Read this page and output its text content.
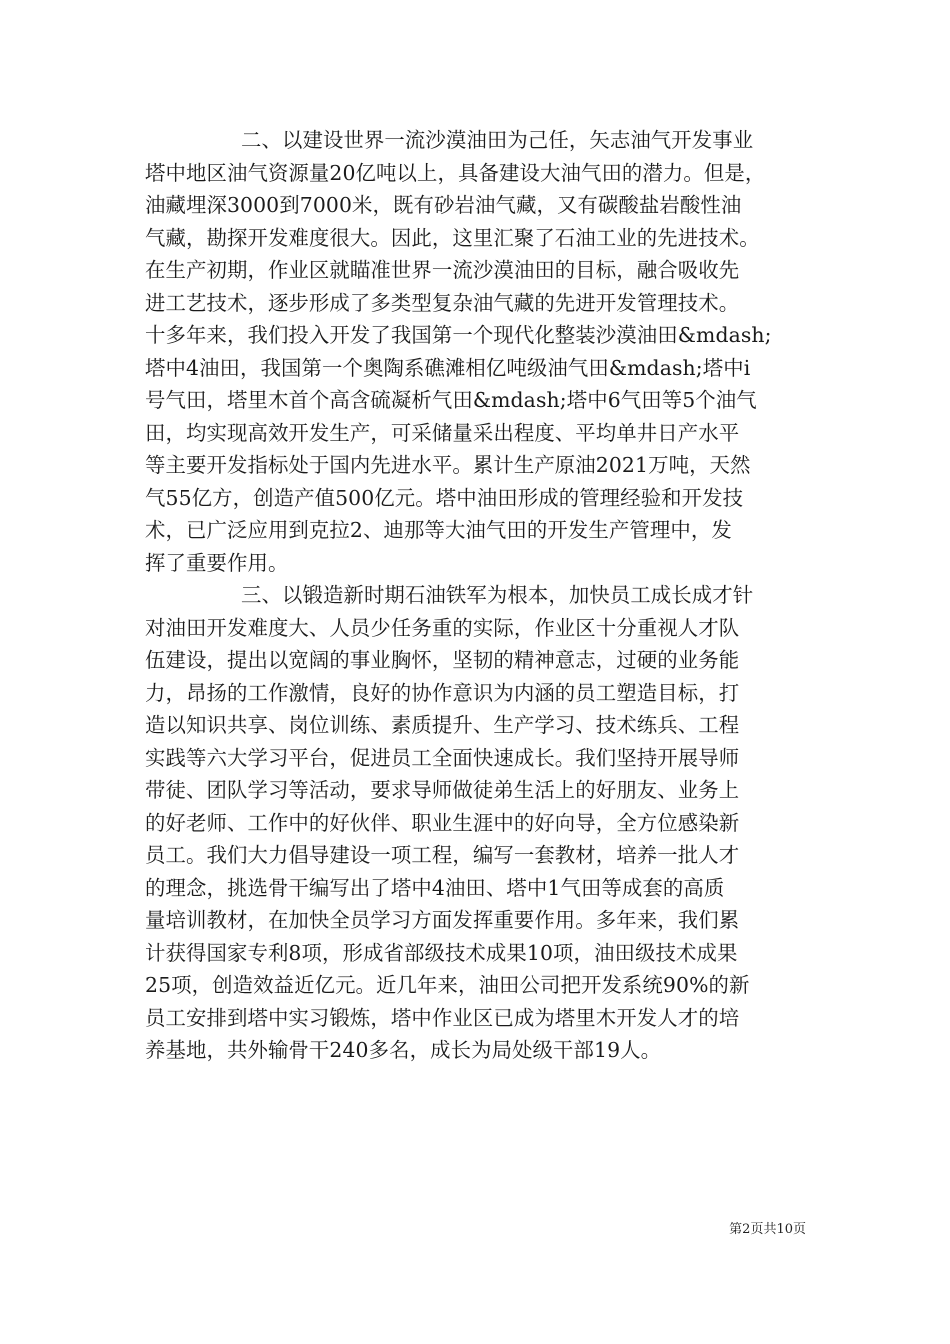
二、以建设世界一流沙漠油田为己任，矢志油气开发事业
塔中地区油气资源量20亿吨以上，具备建设大油气田的潜力。但是，
油藏埋深3000到7000米，既有砂岩油气藏，又有碳酸盐岩酸性油
气藏，勘探开发难度很大。因此，这里汇聚了石油工业的先进技术。
在生产初期，作业区就瞄准世界一流沙漠油田的目标，融合吸收先
进工艺技术，逐步形成了多类型复杂油气藏的先进开发管理技术。
十多年来，我们投入开发了我国第一个现代化整装沙漠油田&mdash;
塔中4油田，我国第一个奥陶系礁滩相亿吨级油气田&mdash;塔中i
号气田，塔里木首个高含硫凝析气田&mdash;塔中6气田等5个油气
田，均实现高效开发生产，可采储量采出程度、平均单井日产水平
等主要开发指标处于国内先进水平。累计生产原油2021万吨，天然
气55亿方，创造产值500亿元。塔中油田形成的管理经验和开发技
术，已广泛应用到克拉2、迪那等大油气田的开发生产管理中，发
挥了重要作用。
三、以锻造新时期石油铁军为根本，加快员工成长成才针
对油田开发难度大、人员少任务重的实际，作业区十分重视人才队
伍建设，提出以宽阔的事业胸怀，坚韧的精神意志，过硬的业务能
力，昂扬的工作激情，良好的协作意识为内涵的员工塑造目标，打
造以知识共享、岗位训练、素质提升、生产学习、技术练兵、工程
实践等六大学习平台，促进员工全面快速成长。我们坚持开展导师
带徒、团队学习等活动，要求导师做徒弟生活上的好朋友、业务上
的好老师、工作中的好伙伴、职业生涯中的好向导，全方位感染新
员工。我们大力倡导建设一项工程，编写一套教材，培养一批人才
的理念，挑选骨干编写出了塔中4油田、塔中1气田等成套的高质
量培训教材，在加快全员学习方面发挥重要作用。多年来，我们累
计获得国家专利8项，形成省部级技术成果10项，油田级技术成果
25项，创造效益近亿元。近几年来，油田公司把开发系统90%的新
员工安排到塔中实习锻炼，塔中作业区已成为塔里木开发人才的培
养基地，共外输骨干240多名，成长为局处级干部19人。
第2页共10页
